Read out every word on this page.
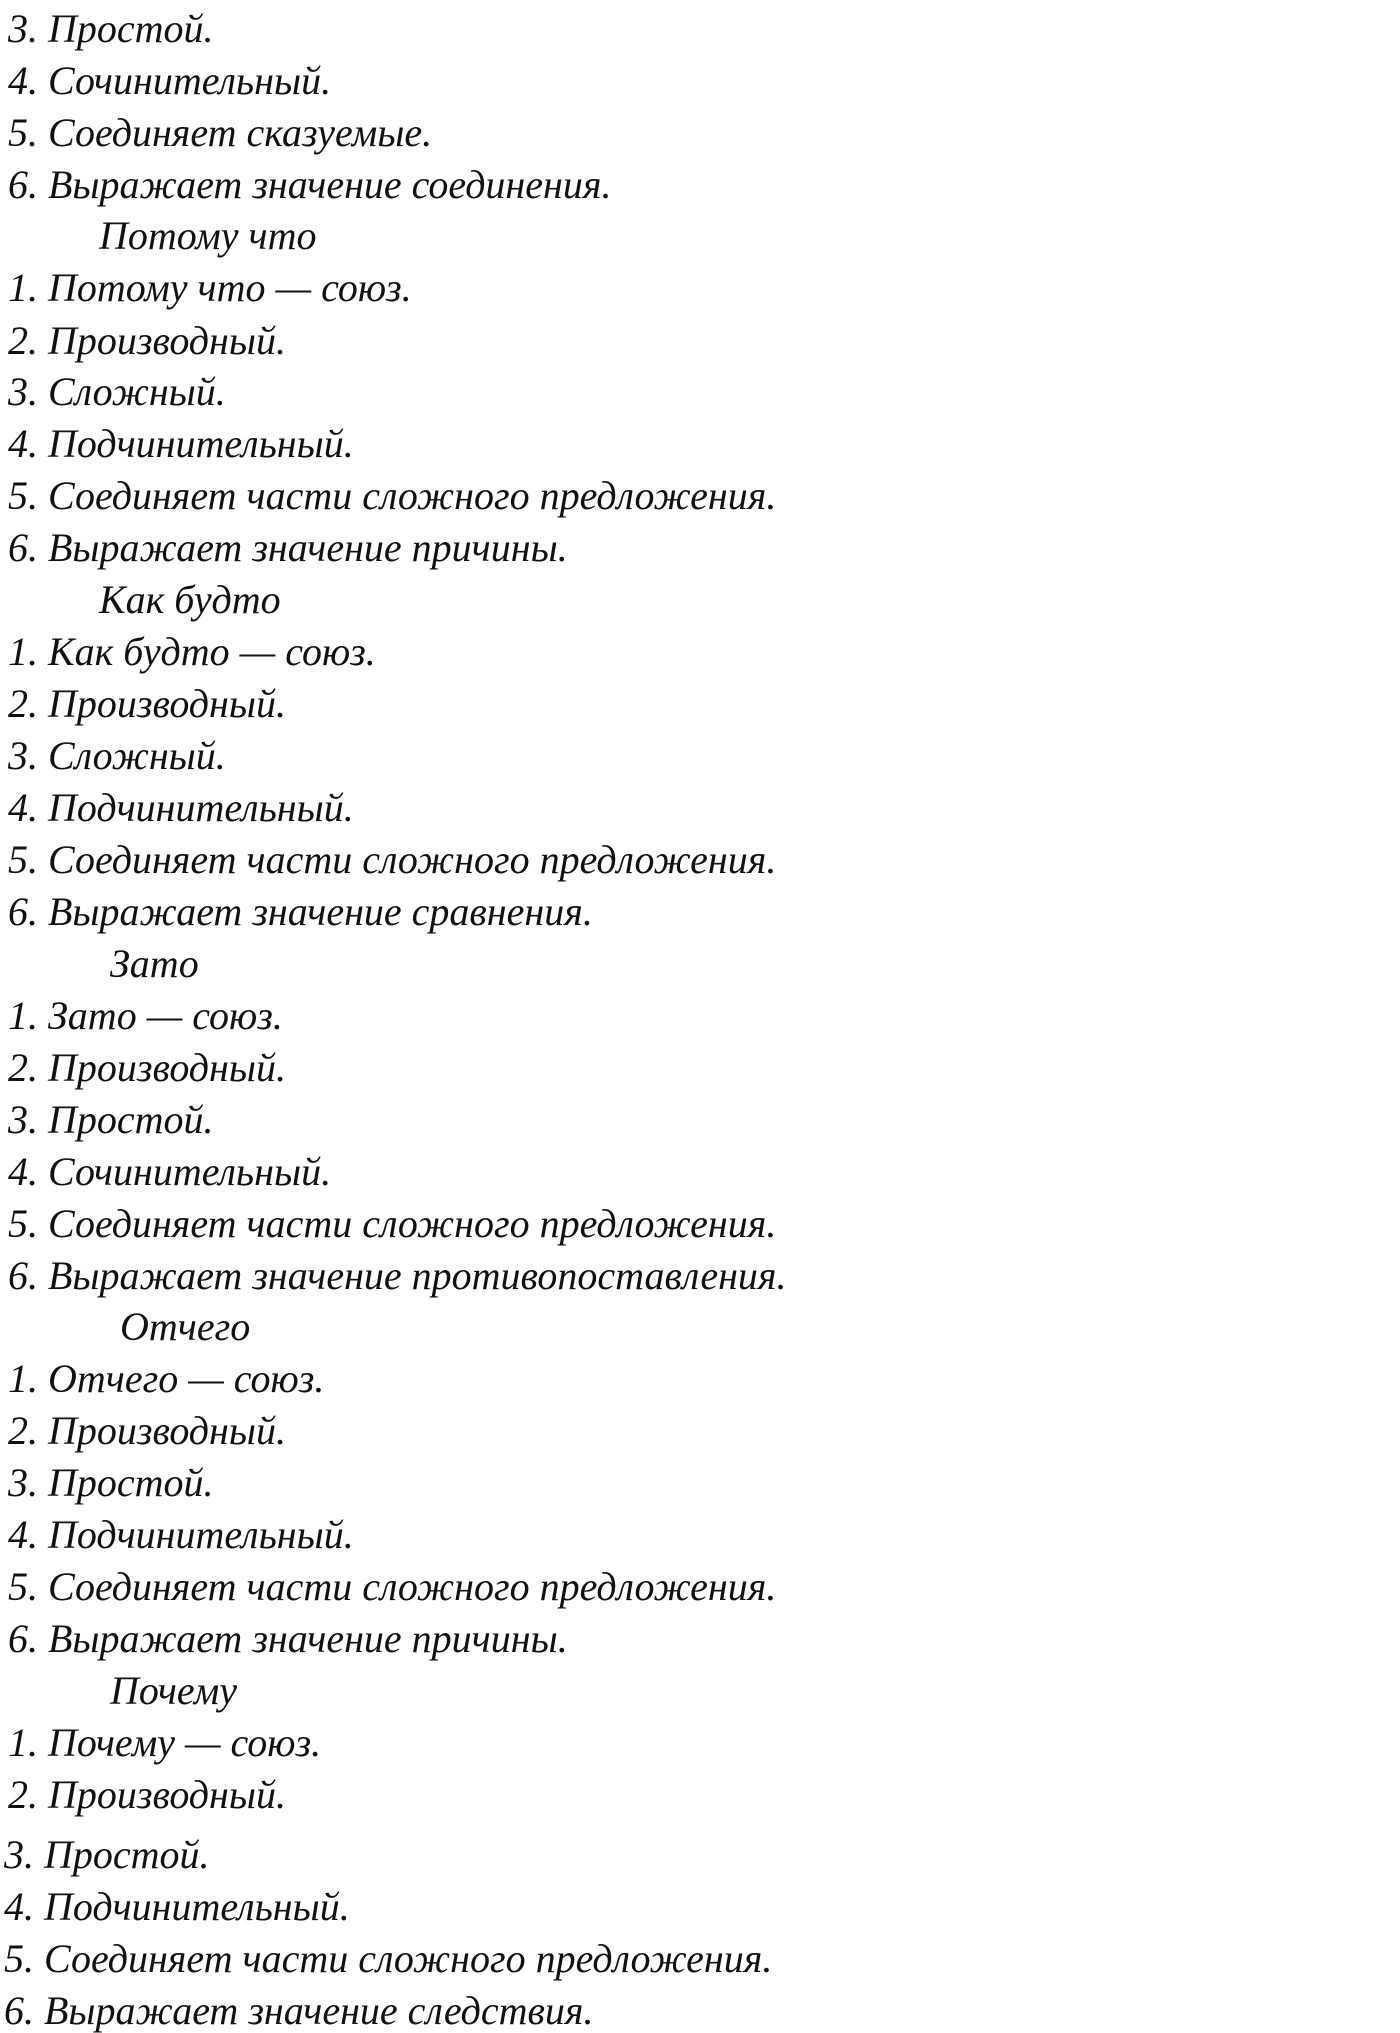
3. Простой.
4. Сочинительный.
5. Соединяет сказуемые.
6. Выражает значение соединения.
Потому что
1. Потому что — союз.
2. Производный.
3. Сложный.
4. Подчинительный.
5. Соединяет части сложного предложения.
6. Выражает значение причины.
Как будто
1. Как будто — союз.
2. Производный.
3. Сложный.
4. Подчинительный.
5. Соединяет части сложного предложения.
6. Выражает значение сравнения.
Зато
1. Зато — союз.
2. Производный.
3. Простой.
4. Сочинительный.
5. Соединяет части сложного предложения.
6. Выражает значение противопоставления.
Отчего
1. Отчего — союз.
2. Производный.
3. Простой.
4. Подчинительный.
5. Соединяет части сложного предложения.
6. Выражает значение причины.
Почему
1. Почему — союз.
2. Производный.
3. Простой.
4. Подчинительный.
5. Соединяет части сложного предложения.
6. Выражает значение следствия.
